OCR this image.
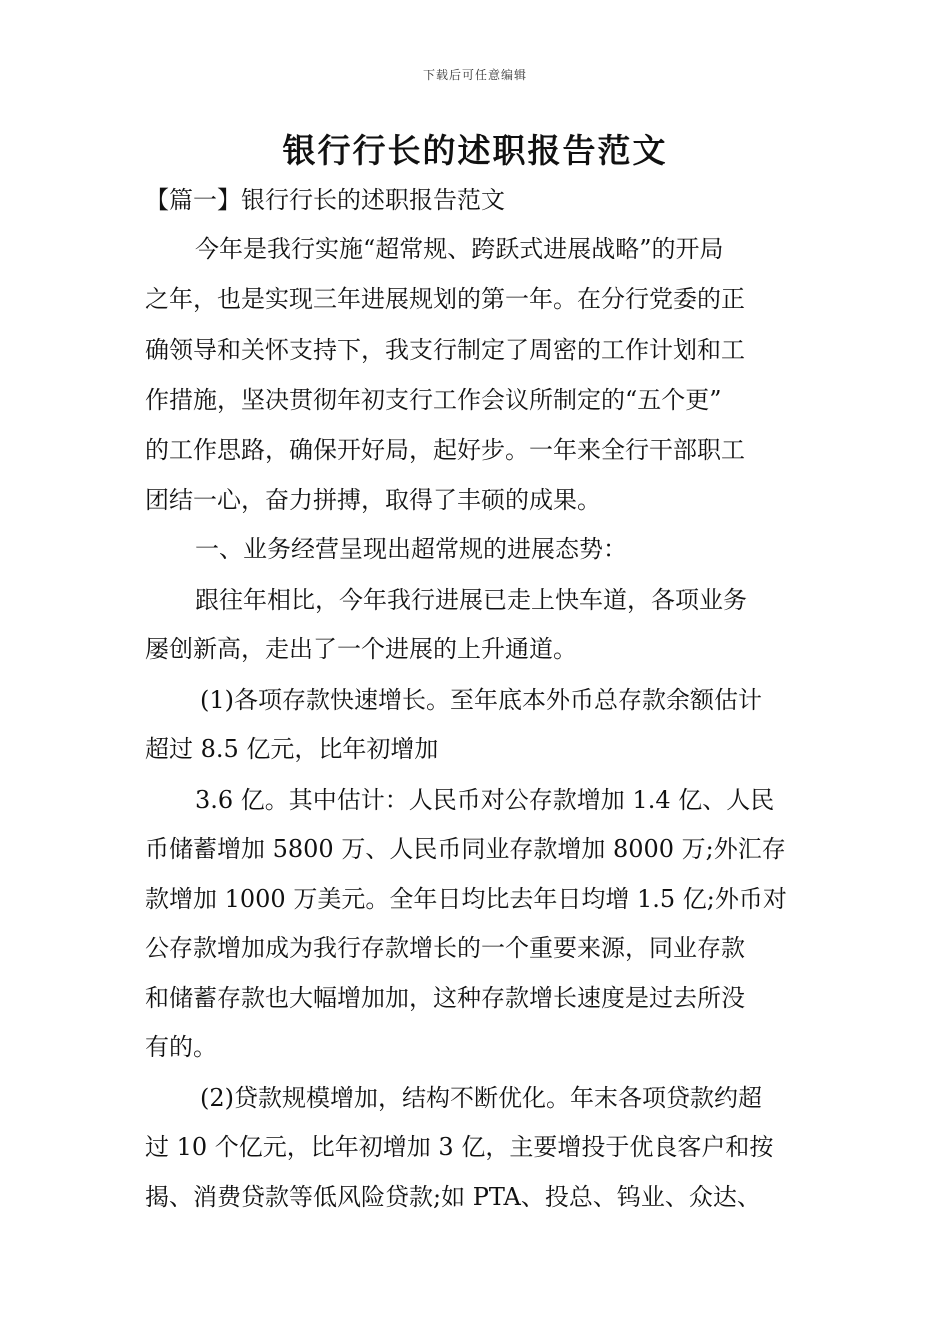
下载后可任意编辑
银行行长的述职报告范文

【篇一】银行行长的述职报告范文

今年是我行实施“超常规、跨跃式进展战略”的开局
之年，也是实现三年进展规划的第一年。在分行党委的正
确领导和关怀支持下，我支行制定了周密的工作计划和工
作措施，坚决贯彻年初支行工作会议所制定的“五个更”
的工作思路，确保开好局，起好步。一年来全行干部职工
团结一心，奋力拼搏，取得了丰硕的成果。
一、业务经营呈现出超常规的进展态势：
跟往年相比，今年我行进展已走上快车道，各项业务
屡创新高，走出了一个进展的上升通道。
(1)各项存款快速增长。至年底本外币总存款余额估计
超过 8.5 亿元，比年初增加
3.6 亿。其中估计：人民币对公存款增加 1.4 亿、人民
币储蓄增加 5800 万、人民币同业存款增加 8000 万;外汇存
款增加 1000 万美元。全年日均比去年日均增 1.5 亿;外币对
公存款增加成为我行存款增长的一个重要来源，同业存款
和储蓄存款也大幅增加加，这种存款增长速度是过去所没
有的。
(2)贷款规模增加，结构不断优化。年末各项贷款约超
过 10 个亿元，比年初增加 3 亿，主要增投于优良客户和按
揭、消费贷款等低风险贷款;如 PTA、投总、钨业、众达、
